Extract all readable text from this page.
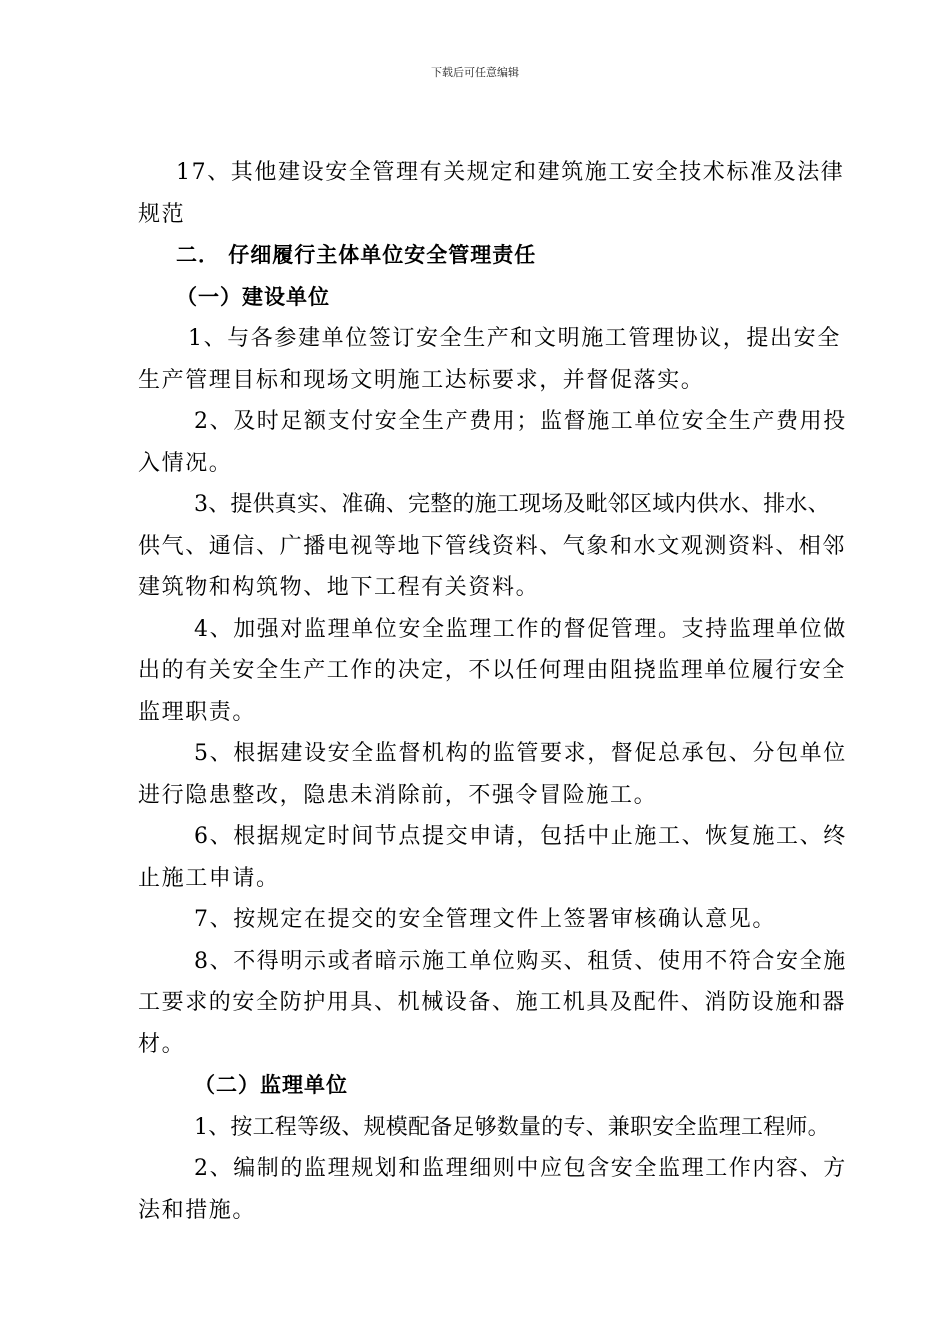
下载后可任意编辑
17、其他建设安全管理有关规定和建筑施工安全技术标准及法律
规范
二． 仔细履行主体单位安全管理责任
（一）建设单位
1、与各参建单位签订安全生产和文明施工管理协议，提出安全
生产管理目标和现场文明施工达标要求，并督促落实。
2、及时足额支付安全生产费用；监督施工单位安全生产费用投
入情况。
3、提供真实、准确、完整的施工现场及毗邻区域内供水、排水、
供气、通信、广播电视等地下管线资料、气象和水文观测资料、相邻
建筑物和构筑物、地下工程有关资料。
4、加强对监理单位安全监理工作的督促管理。支持监理单位做
出的有关安全生产工作的决定，不以任何理由阻挠监理单位履行安全
监理职责。
5、根据建设安全监督机构的监管要求，督促总承包、分包单位
进行隐患整改，隐患未消除前，不强令冒险施工。
6、根据规定时间节点提交申请，包括中止施工、恢复施工、终
止施工申请。
7、按规定在提交的安全管理文件上签署审核确认意见。
8、不得明示或者暗示施工单位购买、租赁、使用不符合安全施
工要求的安全防护用具、机械设备、施工机具及配件、消防设施和器
材。
（二）监理单位
1、按工程等级、规模配备足够数量的专、兼职安全监理工程师。
2、编制的监理规划和监理细则中应包含安全监理工作内容、方
法和措施。
